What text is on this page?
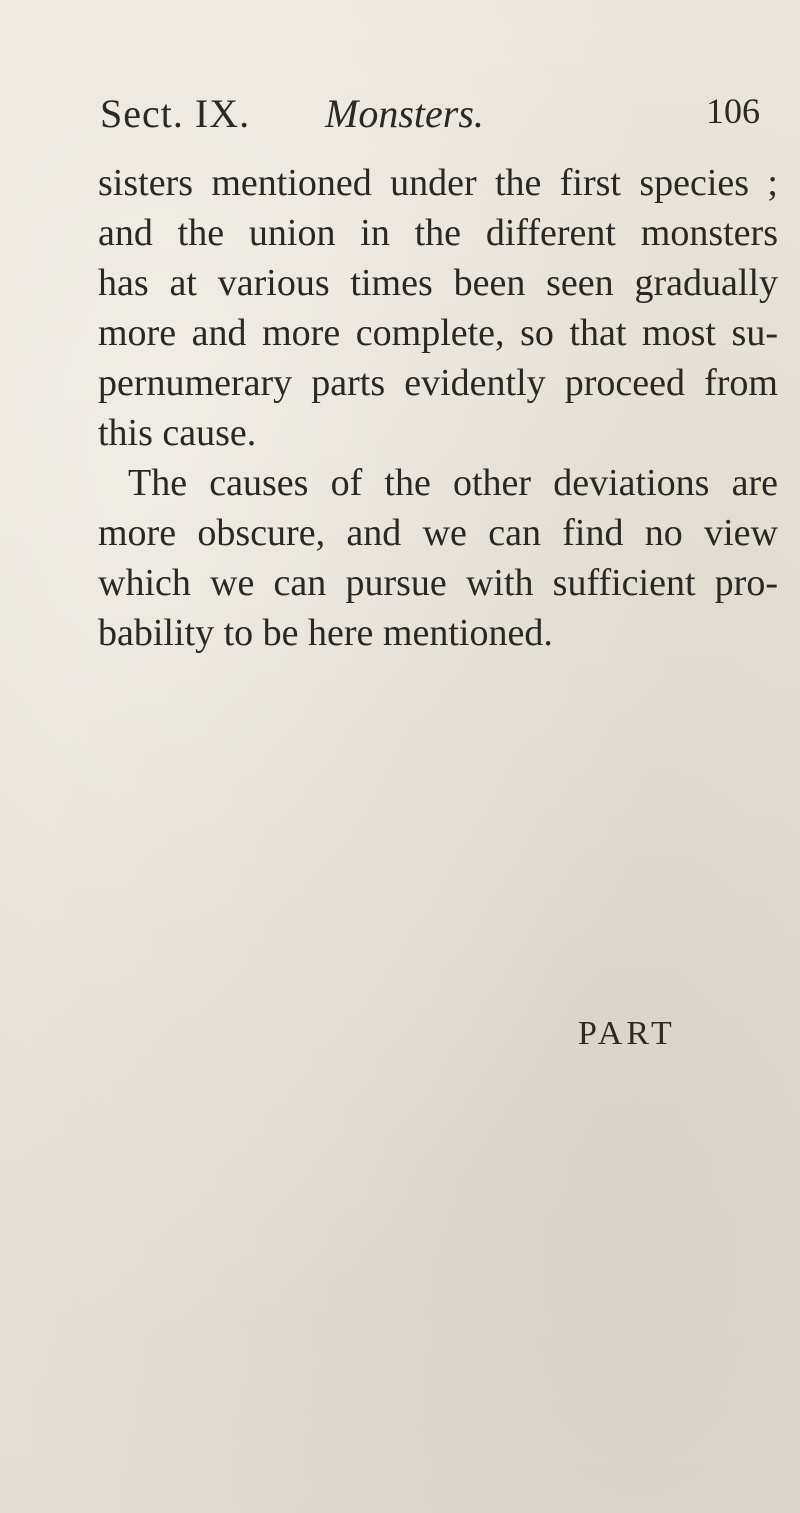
Sect. IX. Monsters.	106
sisters mentioned under the first species ;
and the union in the different monsters
has at various times been seen gradually
more and more complete, so that most su-
pernumerary parts evidently proceed from
this cause.
The causes of the other deviations are
more obscure, and we can find no view
which we can pursue with sufficient pro-
bability to be here mentioned.
PART
